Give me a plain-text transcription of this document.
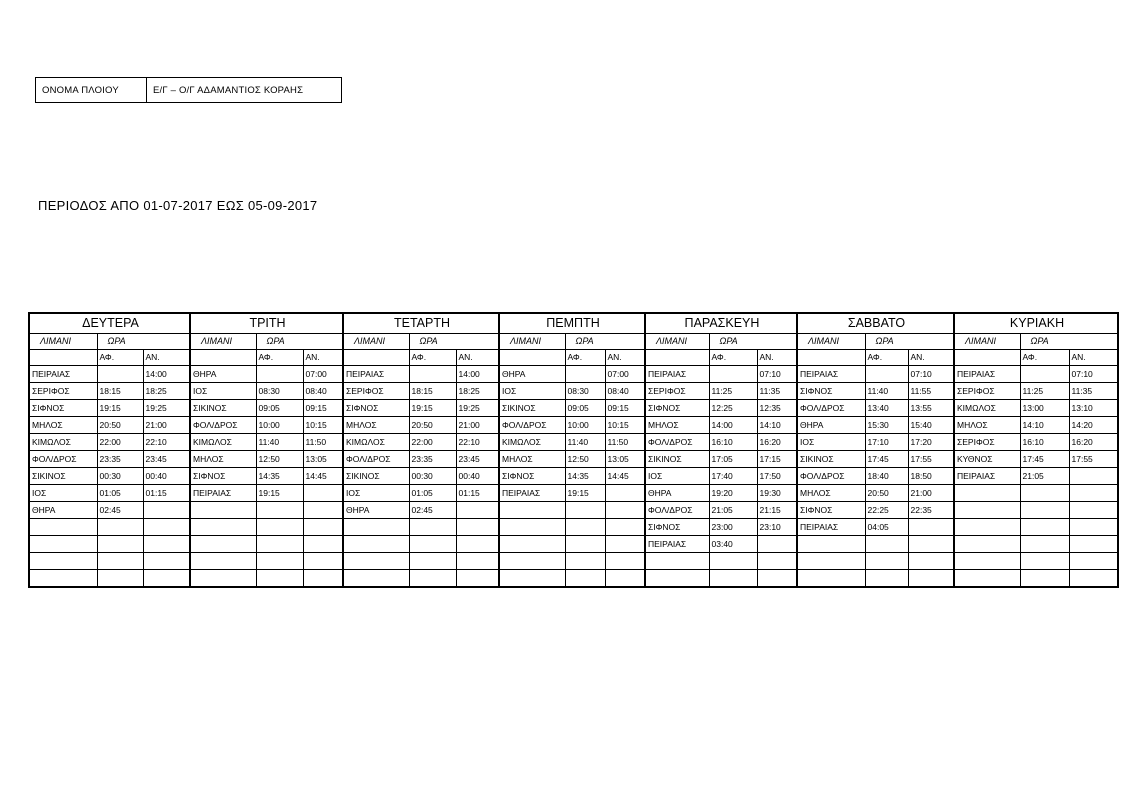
ΟΝΟΜΑ ΠΛΟΙΟΥ	Ε/Γ – Ο/Γ ΑΔΑΜΑΝΤΙΟΣ ΚΟΡΑΗΣ
ΠΕΡΙΟΔΟΣ ΑΠΟ 01-07-2017 ΕΩΣ 05-09-2017
ΔΕΥΤΕΡΑ			ΤΡΙΤΗ			ΤΕΤΑΡΤΗ			ΠΕΜΠΤΗ			ΠΑΡΑΣΚΕΥΗ			ΣΑΒΒΑΤΟ			ΚΥΡΙΑΚΗ		
ΛΙΜΑΝΙ	ΩΡΑ		ΛΙΜΑΝΙ	ΩΡΑ		ΛΙΜΑΝΙ	ΩΡΑ		ΛΙΜΑΝΙ	ΩΡΑ		ΛΙΜΑΝΙ	ΩΡΑ		ΛΙΜΑΝΙ	ΩΡΑ		ΛΙΜΑΝΙ	ΩΡΑ	
	ΑΦ.	ΑΝ.		ΑΦ.	ΑΝ.		ΑΦ.	ΑΝ.		ΑΦ.	ΑΝ.		ΑΦ.	ΑΝ.		ΑΦ.	ΑΝ.		ΑΦ.	ΑΝ.
ΠΕΙΡΑΙΑΣ		14:00	ΘΗΡΑ		07:00	ΠΕΙΡΑΙΑΣ		14:00	ΘΗΡΑ		07:00	ΠΕΙΡΑΙΑΣ		07:10	ΠΕΙΡΑΙΑΣ		07:10	ΠΕΙΡΑΙΑΣ		07:10
ΣΕΡΙΦΟΣ	18:15	18:25	ΙΟΣ	08:30	08:40	ΣΕΡΙΦΟΣ	18:15	18:25	ΙΟΣ	08:30	08:40	ΣΕΡΙΦΟΣ	11:25	11:35	ΣΙΦΝΟΣ	11:40	11:55	ΣΕΡΙΦΟΣ	11:25	11:35
ΣΙΦΝΟΣ	19:15	19:25	ΣΙΚΙΝΟΣ	09:05	09:15	ΣΙΦΝΟΣ	19:15	19:25	ΣΙΚΙΝΟΣ	09:05	09:15	ΣΙΦΝΟΣ	12:25	12:35	ΦΟΛ/ΔΡΟΣ	13:40	13:55	ΚΙΜΩΛΟΣ	13:00	13:10
ΜΗΛΟΣ	20:50	21:00	ΦΟΛ/ΔΡΟΣ	10:00	10:15	ΜΗΛΟΣ	20:50	21:00	ΦΟΛ/ΔΡΟΣ	10:00	10:15	ΜΗΛΟΣ	14:00	14:10	ΘΗΡΑ	15:30	15:40	ΜΗΛΟΣ	14:10	14:20
ΚΙΜΩΛΟΣ	22:00	22:10	ΚΙΜΩΛΟΣ	11:40	11:50	ΚΙΜΩΛΟΣ	22:00	22:10	ΚΙΜΩΛΟΣ	11:40	11:50	ΦΟΛ/ΔΡΟΣ	16:10	16:20	ΙΟΣ	17:10	17:20	ΣΕΡΙΦΟΣ	16:10	16:20
ΦΟΛ/ΔΡΟΣ	23:35	23:45	ΜΗΛΟΣ	12:50	13:05	ΦΟΛ/ΔΡΟΣ	23:35	23:45	ΜΗΛΟΣ	12:50	13:05	ΣΙΚΙΝΟΣ	17:05	17:15	ΣΙΚΙΝΟΣ	17:45	17:55	ΚΥΘΝΟΣ	17:45	17:55
ΣΙΚΙΝΟΣ	00:30	00:40	ΣΙΦΝΟΣ	14:35	14:45	ΣΙΚΙΝΟΣ	00:30	00:40	ΣΙΦΝΟΣ	14:35	14:45	ΙΟΣ	17:40	17:50	ΦΟΛ/ΔΡΟΣ	18:40	18:50	ΠΕΙΡΑΙΑΣ	21:05	
ΙΟΣ	01:05	01:15	ΠΕΙΡΑΙΑΣ	19:15		ΙΟΣ	01:05	01:15	ΠΕΙΡΑΙΑΣ	19:15		ΘΗΡΑ	19:20	19:30	ΜΗΛΟΣ	20:50	21:00			
ΘΗΡΑ	02:45					ΘΗΡΑ	02:45					ΦΟΛ/ΔΡΟΣ	21:05	21:15	ΣΙΦΝΟΣ	22:25	22:35			
												ΣΙΦΝΟΣ	23:00	23:10	ΠΕΙΡΑΙΑΣ	04:05				
												ΠΕΙΡΑΙΑΣ	03:40							
